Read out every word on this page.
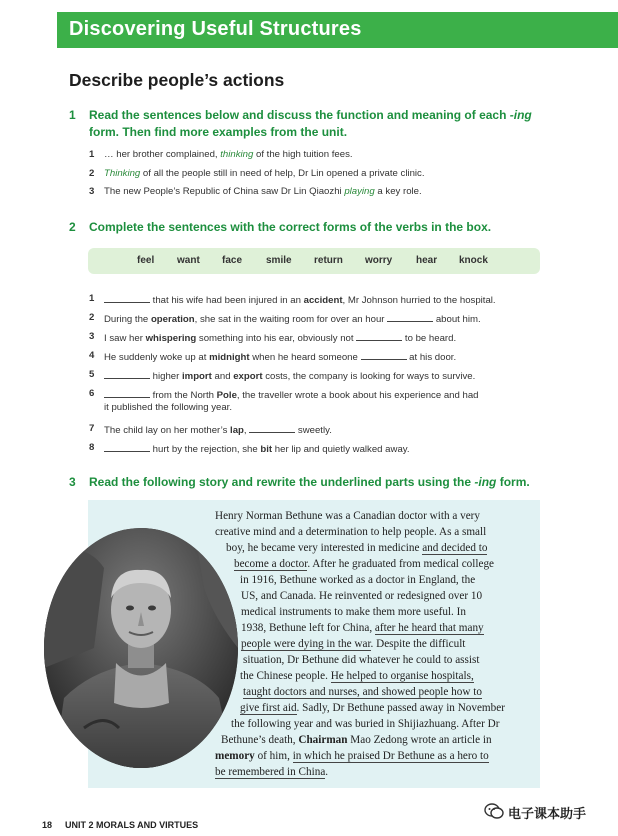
Discovering Useful Structures
Describe people’s actions
1 Read the sentences below and discuss the function and meaning of each -ing
form. Then find more examples from the unit.
1 … her brother complained, thinking of the high tuition fees.
2 Thinking of all the people still in need of help, Dr Lin opened a private clinic.
3 The new People’s Republic of China saw Dr Lin Qiaozhi playing a key role.
2 Complete the sentences with the correct forms of the verbs in the box.
feel want face smile return worry hear knock
1	that his wife had been injured in an accident, Mr Johnson hurried to the hospital.
2 During the operation, she sat in the waiting room for over an hour	about him.
3 I saw her whispering something into his ear, obviously not	to be heard.
4 He suddenly woke up at midnight when he heard someone	at his door.
5	higher import and export costs, the company is looking for ways to survive.
6	from the North Pole, the traveller wrote a book about his experience and had
it published the following year.
7 The child lay on her mother’s lap,	sweetly.
8	hurt by the rejection, she bit her lip and quietly walked away.
3 Read the following story and rewrite the underlined parts using the -ing form.
Henry Norman Bethune was a Canadian doctor with a very
creative mind and a determination to help people. As a small
boy, he became very interested in medicine and decided to
become a doctor. After he graduated from medical college
in 1916, Bethune worked as a doctor in England, the
US, and Canada. He reinvented or redesigned over 10
medical instruments to make them more useful. In
1938, Bethune left for China, after he heard that many
people were dying in the war. Despite the difficult
situation, Dr Bethune did whatever he could to assist
the Chinese people. He helped to organise hospitals,
taught doctors and nurses, and showed people how to
give first aid. Sadly, Dr Bethune passed away in November
the following year and was buried in Shijiazhuang. After Dr
Bethune’s death, Chairman Mao Zedong wrote an article in
memory of him, in which he praised Dr Bethune as a hero to
be remembered in China.
18 UNIT 2 MORALS AND VIRTUES
电子课本助手
